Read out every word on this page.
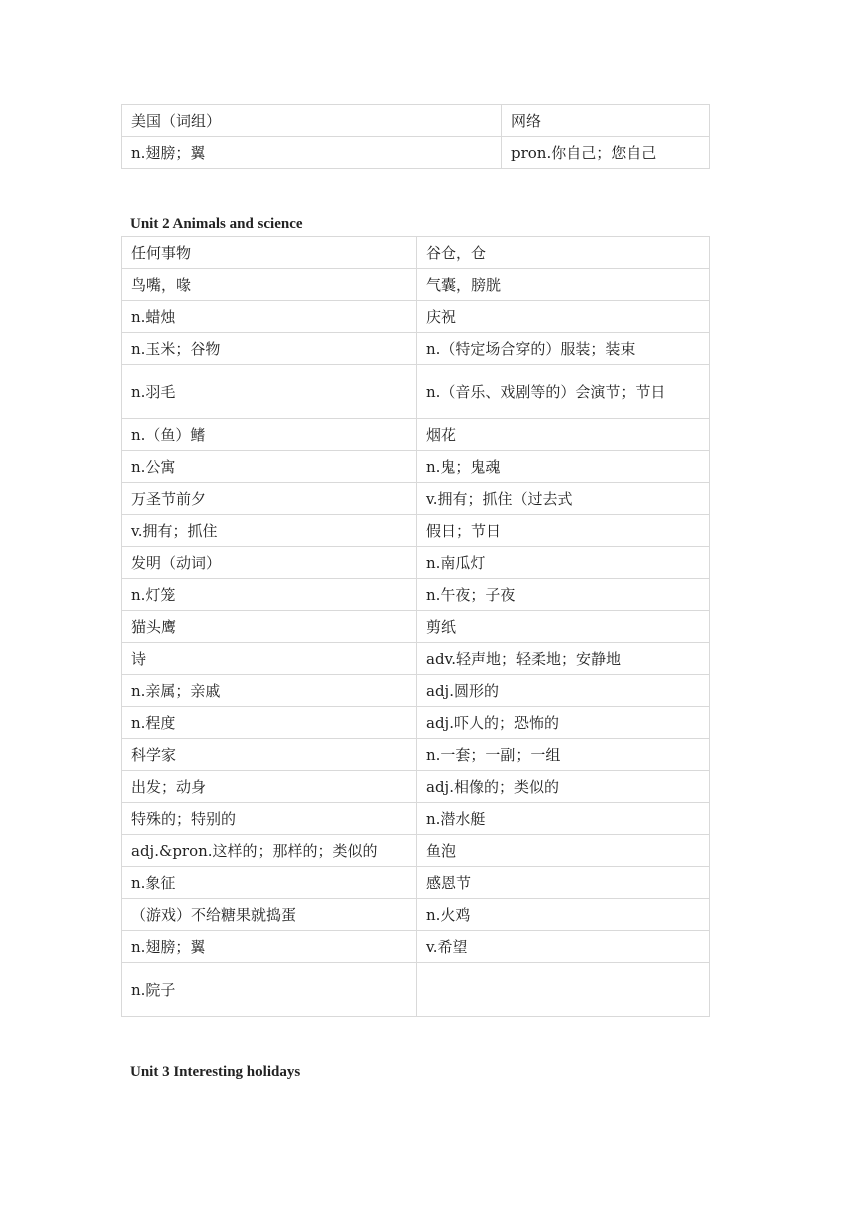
美国（词组）	网络
n.翅膀；翼	pron.你自己；您自己
Unit 2 Animals and science
任何事物	谷仓，仓
鸟嘴，喙	气囊，膀胱
n.蜡烛	庆祝
n.玉米；谷物	n.（特定场合穿的）服装；装束
n.羽毛	n.（音乐、戏剧等的）会演节；节日
n.（鱼）鳍	烟花
n.公寓	n.鬼；鬼魂
万圣节前夕	v.拥有；抓住（过去式
v.拥有；抓住	假日；节日
发明（动词）	n.南瓜灯
n.灯笼	n.午夜；子夜
猫头鹰	剪纸
诗	adv.轻声地；轻柔地；安静地
n.亲属；亲戚	adj.圆形的
n.程度	adj.吓人的；恐怖的
科学家	n.一套；一副；一组
出发；动身	adj.相像的；类似的
特殊的；特别的	n.潜水艇
adj.&pron.这样的；那样的；类似的	鱼泡
n.象征	感恩节
（游戏）不给糖果就捣蛋	n.火鸡
n.翅膀；翼	v.希望
n.院子	
Unit 3 Interesting holidays
